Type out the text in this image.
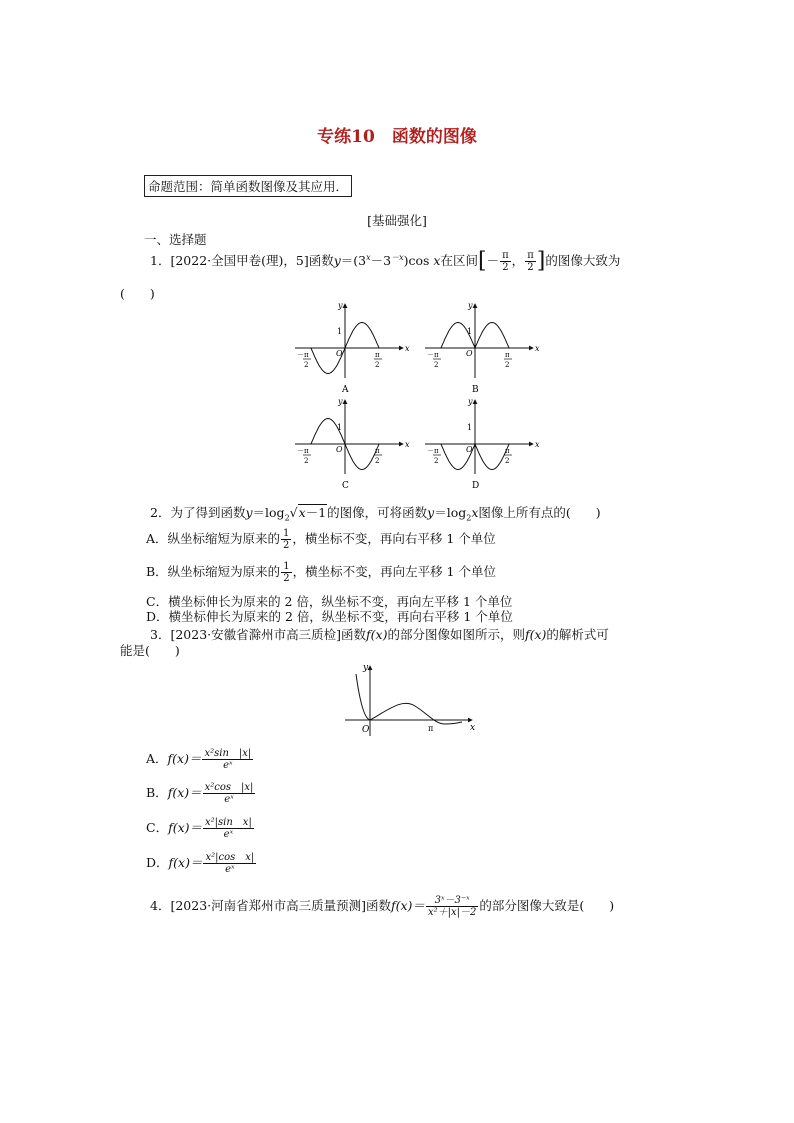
专练10　函数的图像
命题范围：简单函数图像及其应用．
[基础强化]
一、选择题
1．[2022·全国甲卷(理)，5]函数$y=(3^x-3^{-x})\cos$ x在区间[－ $\frac{\pi}{2}$ ， $\frac{\pi}{2}$ ]的图像大致为
(　　)
x
y
O
1
－π
2
π
2
A
x
y
O
1
－π
2
π
2
B
x
y
O
1
－π
2
π
2
C
x
y
O
1
－π
2
π
2
D
2．为了得到函数$y=\log_2√x-1$的图像，可将函数$y=\log_2x$图像上所有点的(　　)
A．纵坐标缩短为原来的 $\frac{1}{2}$ ，横坐标不变，再向右平移 1 个单位
B．纵坐标缩短为原来的 $\frac{1}{2}$ ，横坐标不变，再向左平移 1 个单位
C．横坐标伸长为原来的 2 倍，纵坐标不变，再向左平移 1 个单位
D．横坐标伸长为原来的 2 倍，纵坐标不变，再向右平移 1 个单位
3．[2023·安徽省滁州市高三质检]函数f(x)的部分图像如图所示，则f(x)的解析式可
能是(　　)
x
y
O	π
A．$f(x)= \frac{\text{x²sin　|x|}}{\text{eˣ}}$
B．$f(x)= \frac{\text{x²cos　|x|}}{\text{eˣ}}$
C．$f(x)= \frac{\text{x²|sin　x|}}{\text{eˣ}}$
D．$f(x)= \frac{\text{x²|cos　x|}}{\text{eˣ}}$
4．[2023·河南省郑州市高三质量预测]函数$f(x)= \frac{\text{3ˣ－3⁻ˣ}}{\text{x²＋|x|－2}}$ 的部分图像大致是(　　)
